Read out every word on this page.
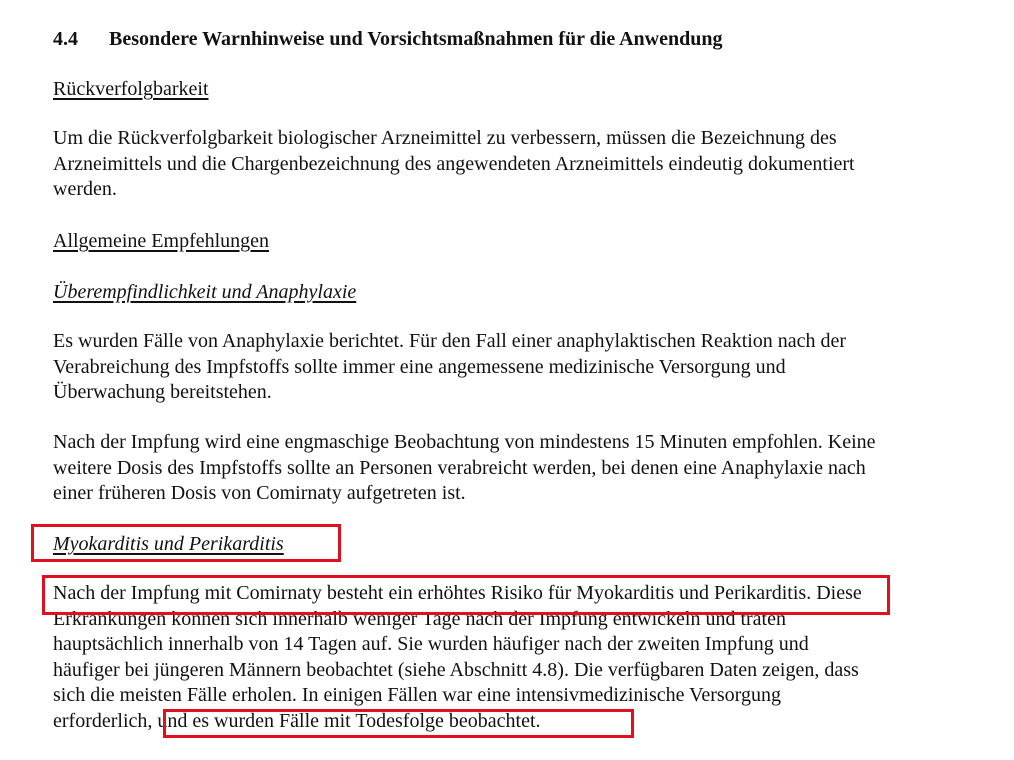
4.4 Besondere Warnhinweise und Vorsichtsmaßnahmen für die Anwendung
Rückverfolgbarkeit
Um die Rückverfolgbarkeit biologischer Arzneimittel zu verbessern, müssen die Bezeichnung des
Arzneimittels und die Chargenbezeichnung des angewendeten Arzneimittels eindeutig dokumentiert
werden.
Allgemeine Empfehlungen
Überempfindlichkeit und Anaphylaxie
Es wurden Fälle von Anaphylaxie berichtet. Für den Fall einer anaphylaktischen Reaktion nach der
Verabreichung des Impfstoffs sollte immer eine angemessene medizinische Versorgung und
Überwachung bereitstehen.
Nach der Impfung wird eine engmaschige Beobachtung von mindestens 15 Minuten empfohlen. Keine
weitere Dosis des Impfstoffs sollte an Personen verabreicht werden, bei denen eine Anaphylaxie nach
einer früheren Dosis von Comirnaty aufgetreten ist.
Myokarditis und Perikarditis
Nach der Impfung mit Comirnaty besteht ein erhöhtes Risiko für Myokarditis und Perikarditis. Diese
Erkrankungen können sich innerhalb weniger Tage nach der Impfung entwickeln und traten
hauptsächlich innerhalb von 14 Tagen auf. Sie wurden häufiger nach der zweiten Impfung und
häufiger bei jüngeren Männern beobachtet (siehe Abschnitt 4.8). Die verfügbaren Daten zeigen, dass
sich die meisten Fälle erholen. In einigen Fällen war eine intensivmedizinische Versorgung
erforderlich, und es wurden Fälle mit Todesfolge beobachtet.
